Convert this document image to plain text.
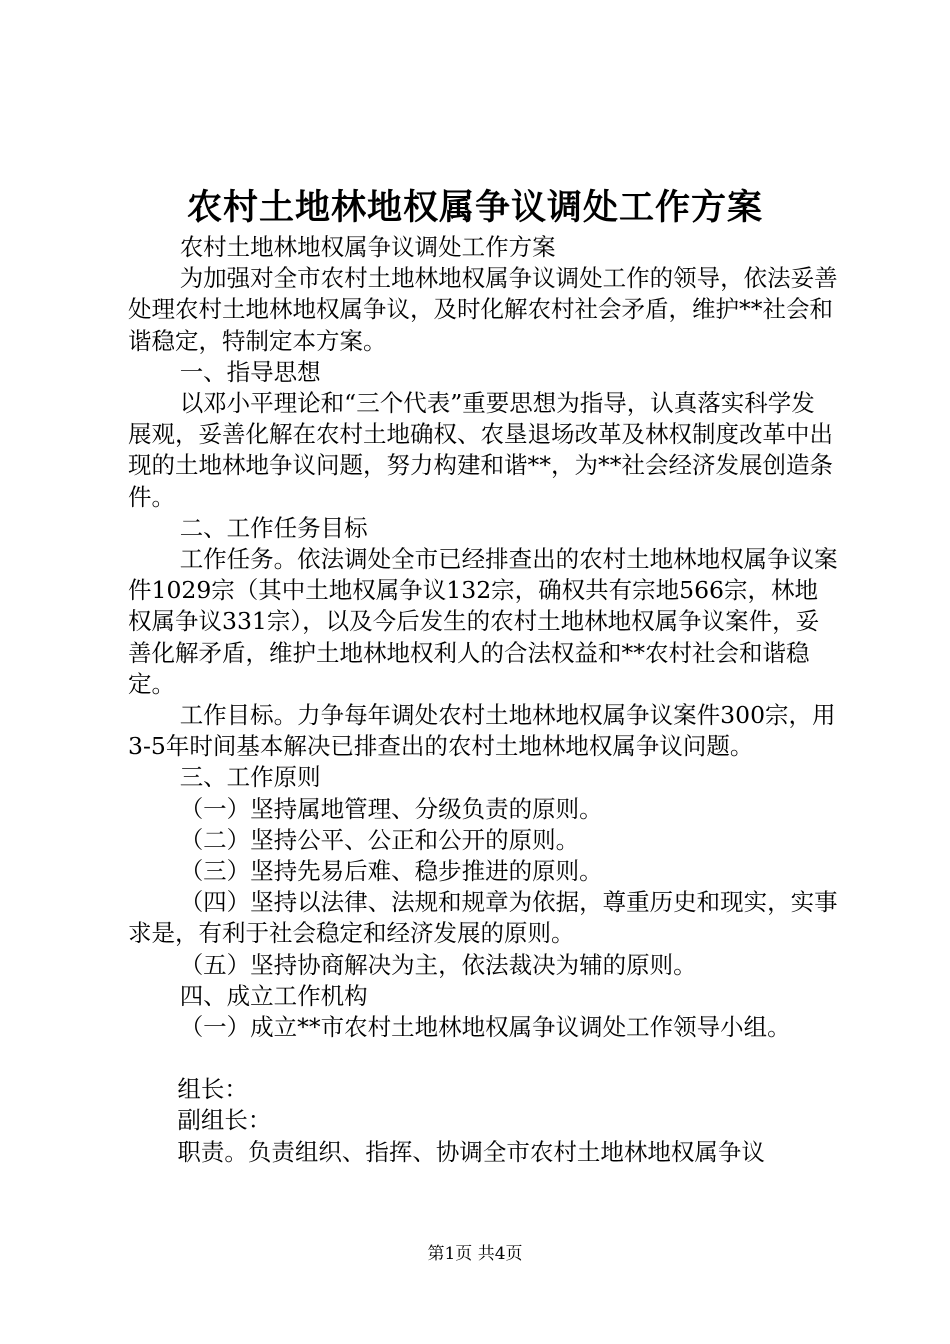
农村土地林地权属争议调处工作方案

农村土地林地权属争议调处工作方案

为加强对全市农村土地林地权属争议调处工作的领导，依法妥善处理农村土地林地权属争议，及时化解农村社会矛盾，维护**社会和谐稳定，特制定本方案。

一、指导思想

以邓小平理论和“三个代表”重要思想为指导，认真落实科学发展观，妥善化解在农村土地确权、农垦退场改革及林权制度改革中出现的土地林地争议问题，努力构建和谐**，为**社会经济发展创造条件。

二、工作任务目标

工作任务。依法调处全市已经排查出的农村土地林地权属争议案件1029宗（其中土地权属争议132宗，确权共有宗地566宗，林地权属争议331宗），以及今后发生的农村土地林地权属争议案件，妥善化解矛盾，维护土地林地权利人的合法权益和**农村社会和谐稳定。

工作目标。力争每年调处农村土地林地权属争议案件300宗，用3-5年时间基本解决已排查出的农村土地林地权属争议问题。

三、工作原则

（一）坚持属地管理、分级负责的原则。

（二）坚持公平、公正和公开的原则。

（三）坚持先易后难、稳步推进的原则。

（四）坚持以法律、法规和规章为依据，尊重历史和现实，实事求是，有利于社会稳定和经济发展的原则。

（五）坚持协商解决为主，依法裁决为辅的原则。

四、成立工作机构

（一）成立**市农村土地林地权属争议调处工作领导小组。

组长：

副组长：

职责。负责组织、指挥、协调全市农村土地林地权属争议

第1页 共4页
